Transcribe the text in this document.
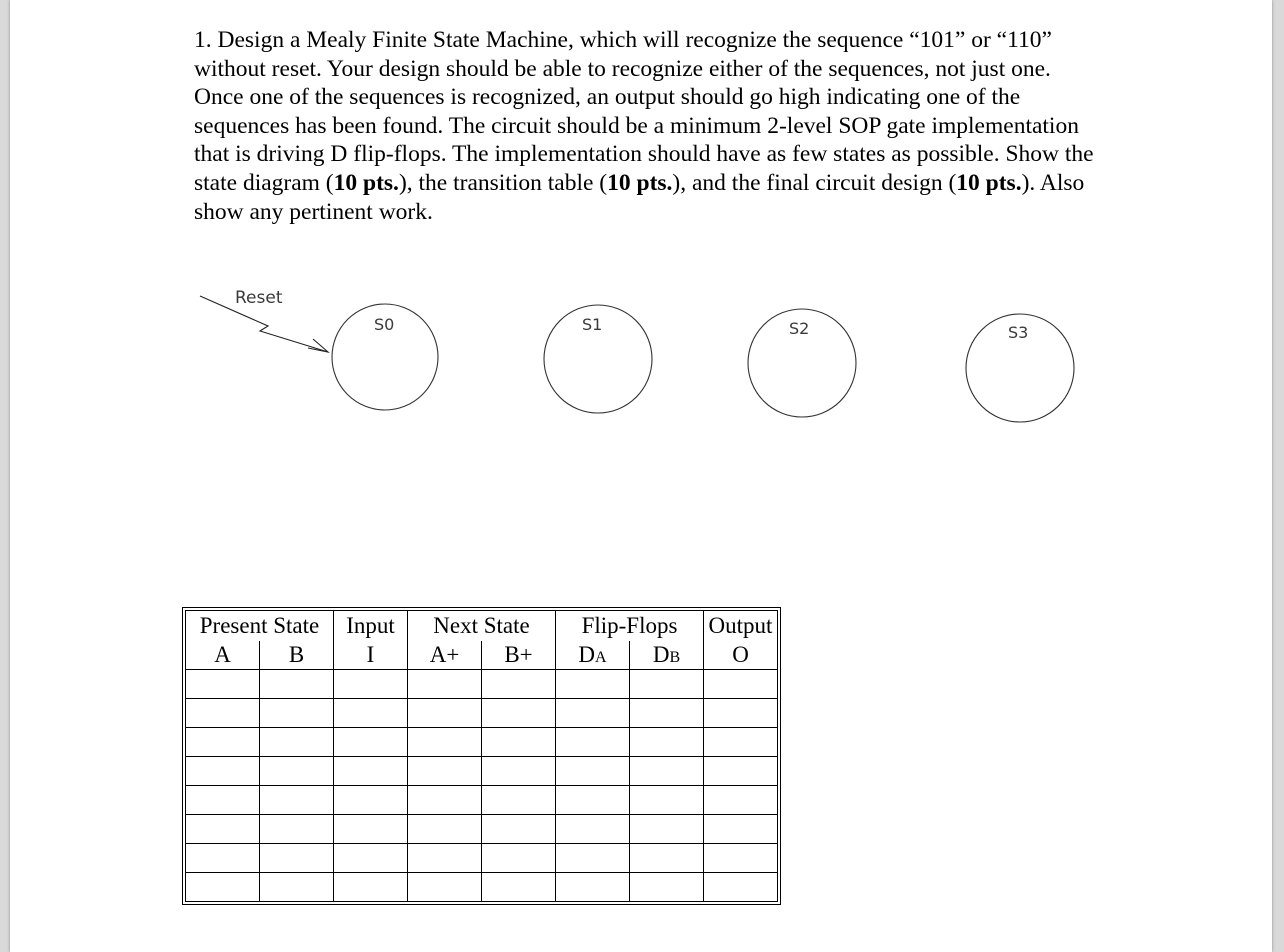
1. Design a Mealy Finite State Machine, which will recognize the sequence “101” or “110” without reset. Your design should be able to recognize either of the sequences, not just one. Once one of the sequences is recognized, an output should go high indicating one of the sequences has been found. The circuit should be a minimum 2-level SOP gate implementation that is driving D flip-flops. The implementation should have as few states as possible. Show the state diagram (10 pts.), the transition table (10 pts.), and the final circuit design (10 pts.). Also show any pertinent work.

Reset
S0	S1	S2	S3
Present State		Input	Next State		Flip-Flops		Output
A	B	I	A+	B+	DA	DB	O
